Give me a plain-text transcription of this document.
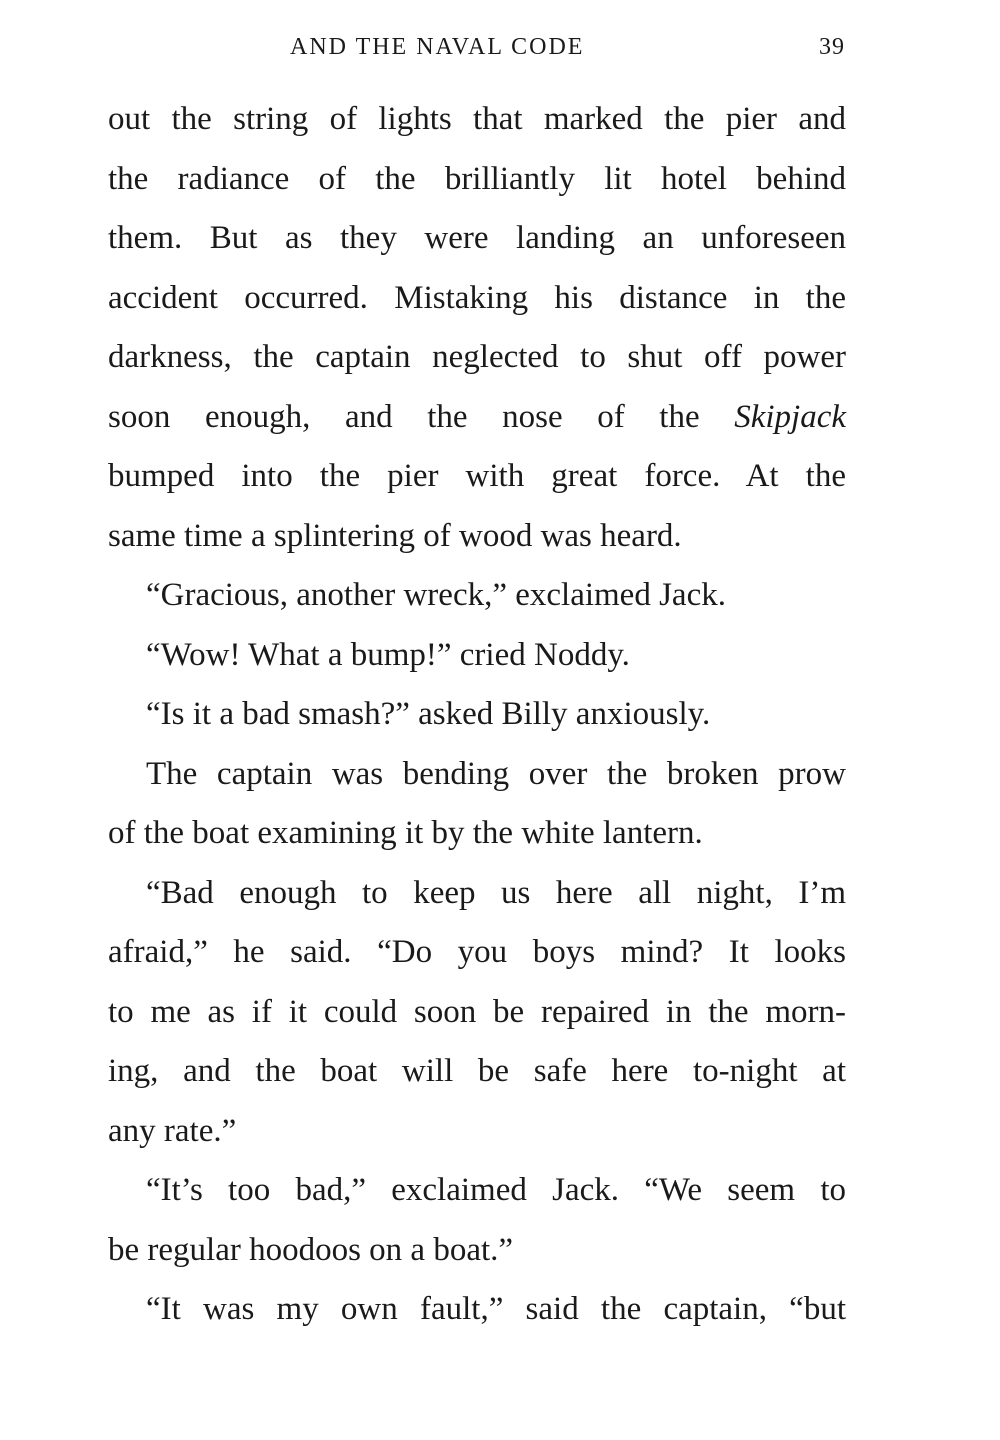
AND THE NAVAL CODE	39
out the string of lights that marked the pier and
the radiance of the brilliantly lit hotel behind
them. But as they were landing an unforeseen
accident occurred. Mistaking his distance in the
darkness, the captain neglected to shut off power
soon enough, and the nose of the Skipjack
bumped into the pier with great force. At the
same time a splintering of wood was heard.
“Gracious, another wreck,” exclaimed Jack.
“Wow! What a bump!” cried Noddy.
“Is it a bad smash?” asked Billy anxiously.
The captain was bending over the broken prow
of the boat examining it by the white lantern.
“Bad enough to keep us here all night, I’m
afraid,” he said. “Do you boys mind? It looks
to me as if it could soon be repaired in the morn-
ing, and the boat will be safe here to-night at
any rate.”
“It’s too bad,” exclaimed Jack. “We seem to
be regular hoodoos on a boat.”
“It was my own fault,” said the captain, “but
